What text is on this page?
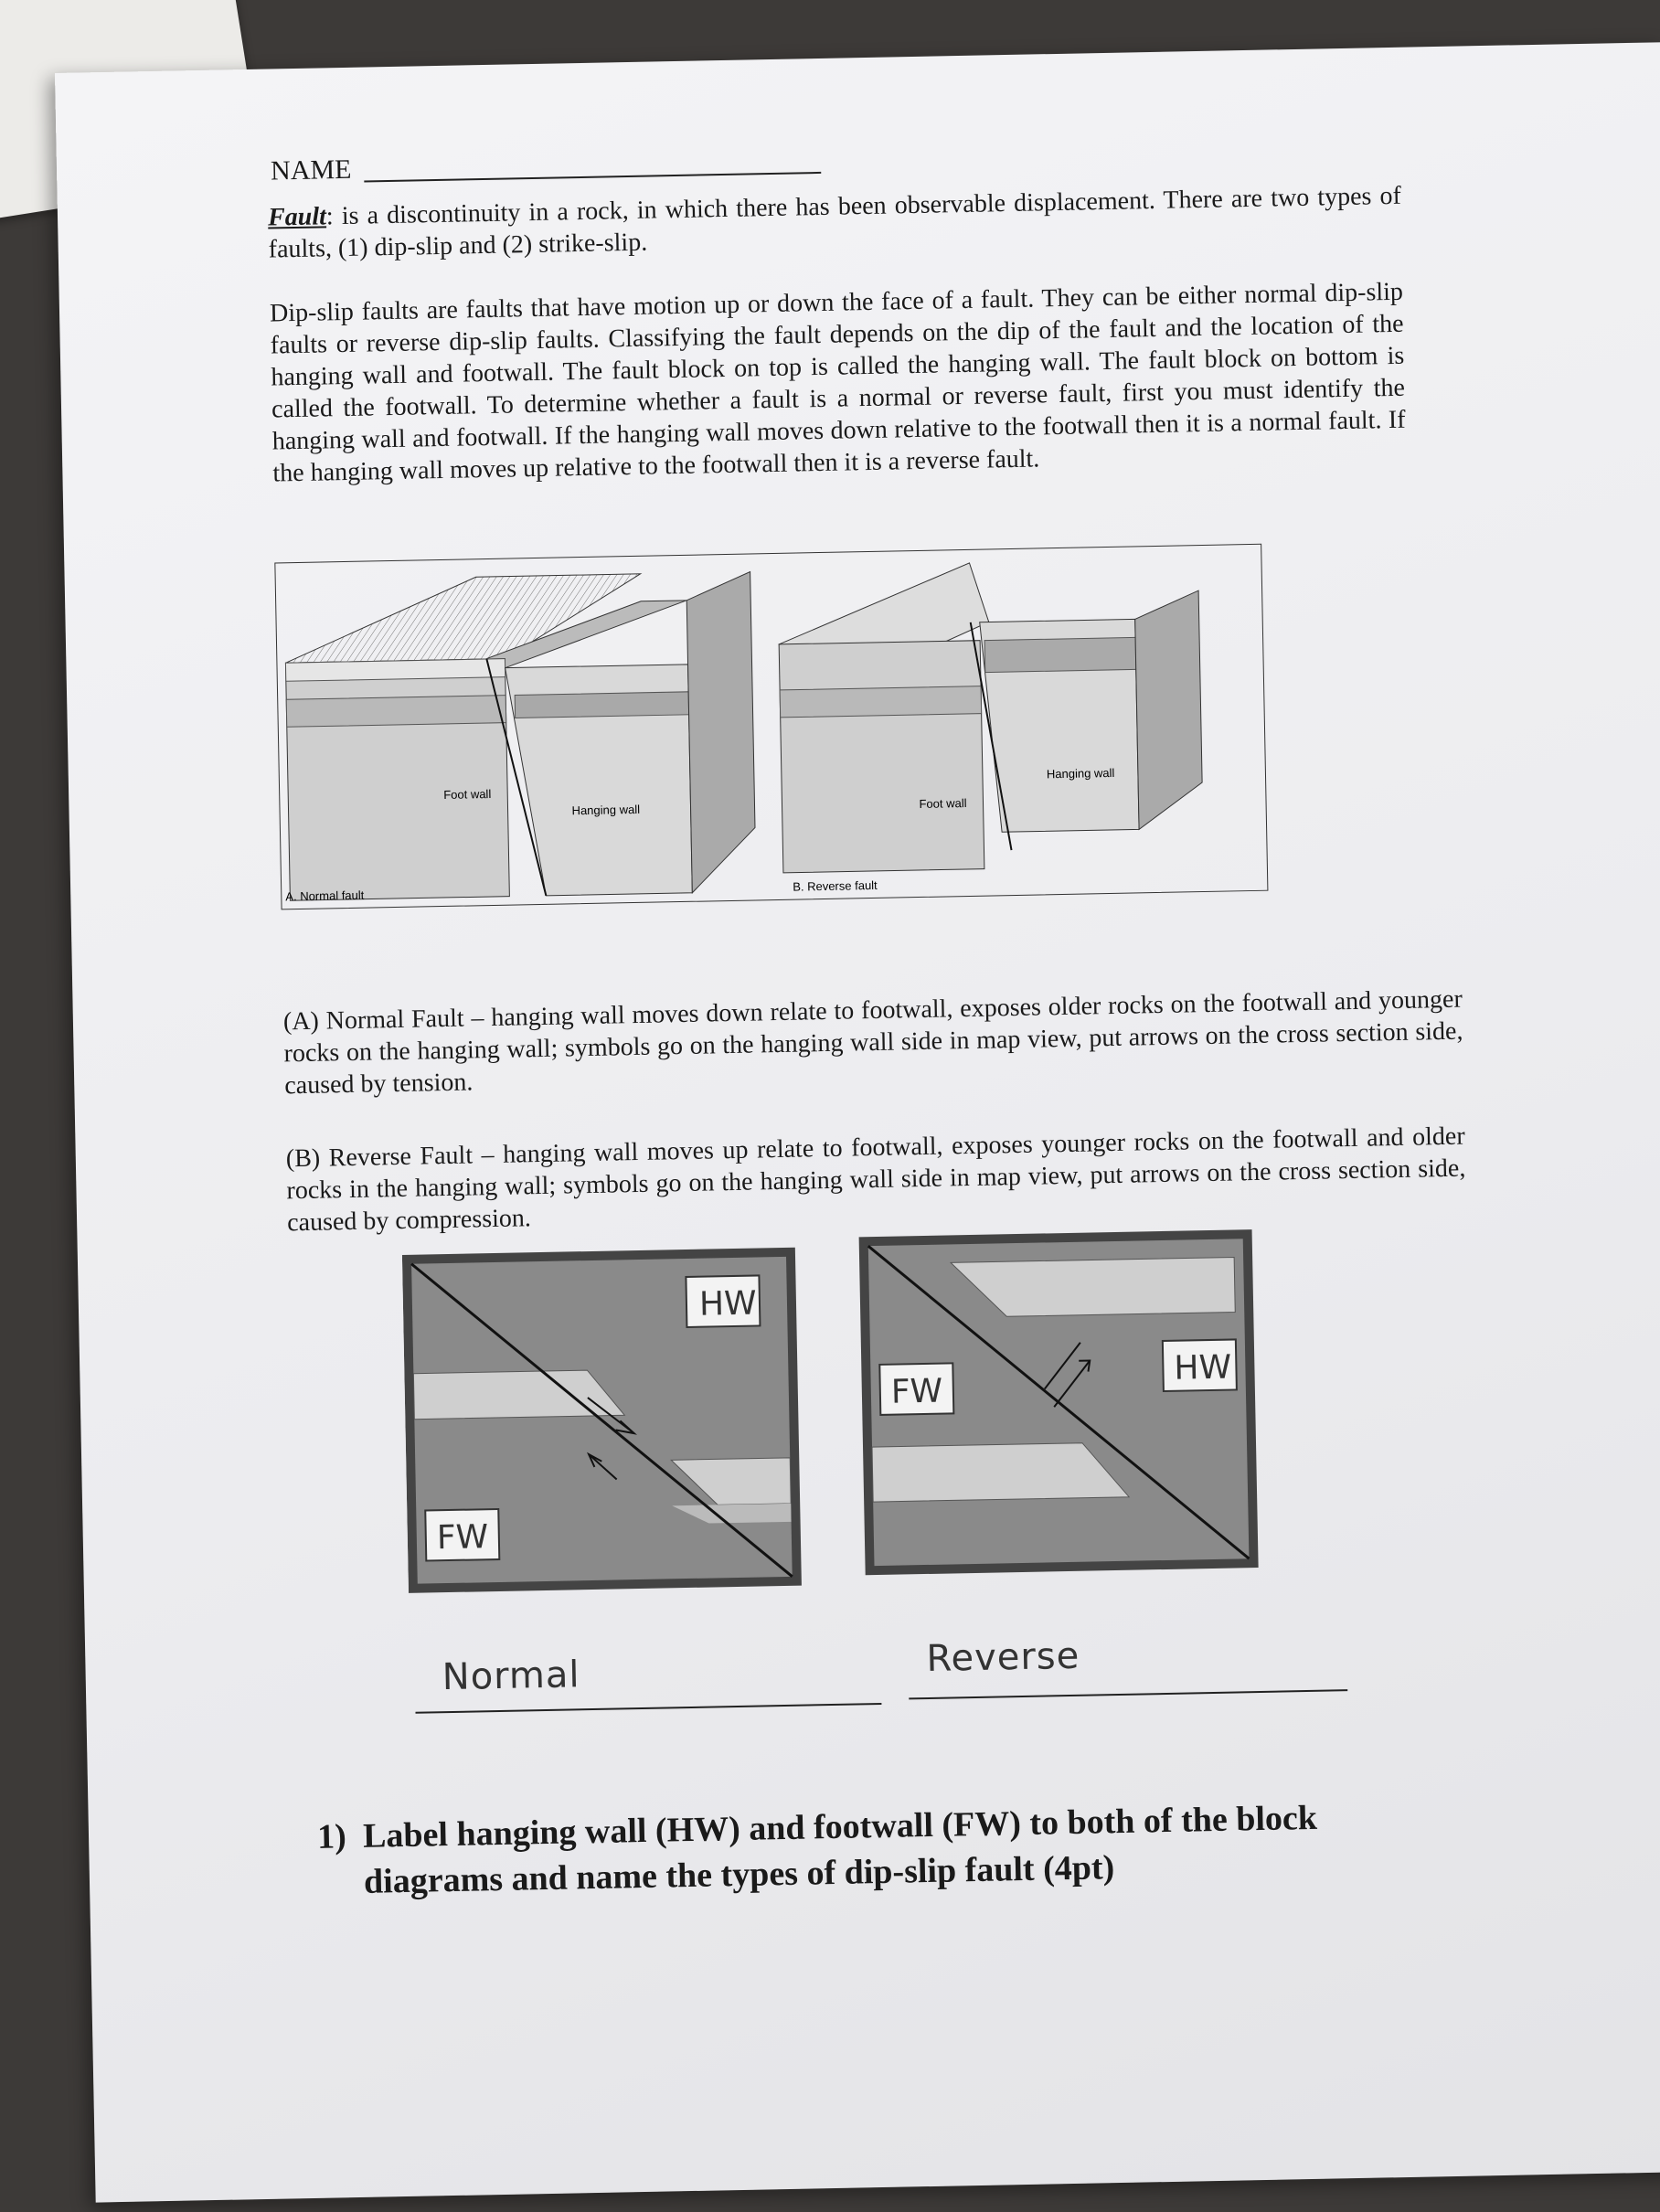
NAME
Fault: is a discontinuity in a rock, in which there has been observable displacement. There are two types of faults, (1) dip-slip and (2) strike-slip.
Dip-slip faults are faults that have motion up or down the face of a fault. They can be either normal dip-slip faults or reverse dip-slip faults. Classifying the fault depends on the dip of the fault and the location of the hanging wall and footwall. The fault block on top is called the hanging wall. The fault block on bottom is called the footwall. To determine whether a fault is a normal or reverse fault, first you must identify the hanging wall and footwall. If the hanging wall moves down relative to the footwall then it is a normal fault. If the hanging wall moves up relative to the footwall then it is a reverse fault.
Foot wall
Hanging wall
A. Normal fault
Foot wall
Hanging wall
B. Reverse fault
(A) Normal Fault – hanging wall moves down relate to footwall, exposes older rocks on the footwall and younger rocks on the hanging wall; symbols go on the hanging wall side in map view, put arrows on the cross section side, caused by tension.
(B) Reverse Fault – hanging wall moves up relate to footwall, exposes younger rocks on the footwall and older rocks in the hanging wall; symbols go on the hanging wall side in map view, put arrows on the cross section side, caused by compression.
HW
FW
FW
HW
Normal	Reverse
1) Label hanging wall (HW) and footwall (FW) to both of the block diagrams and name the types of dip-slip fault (4pt)
